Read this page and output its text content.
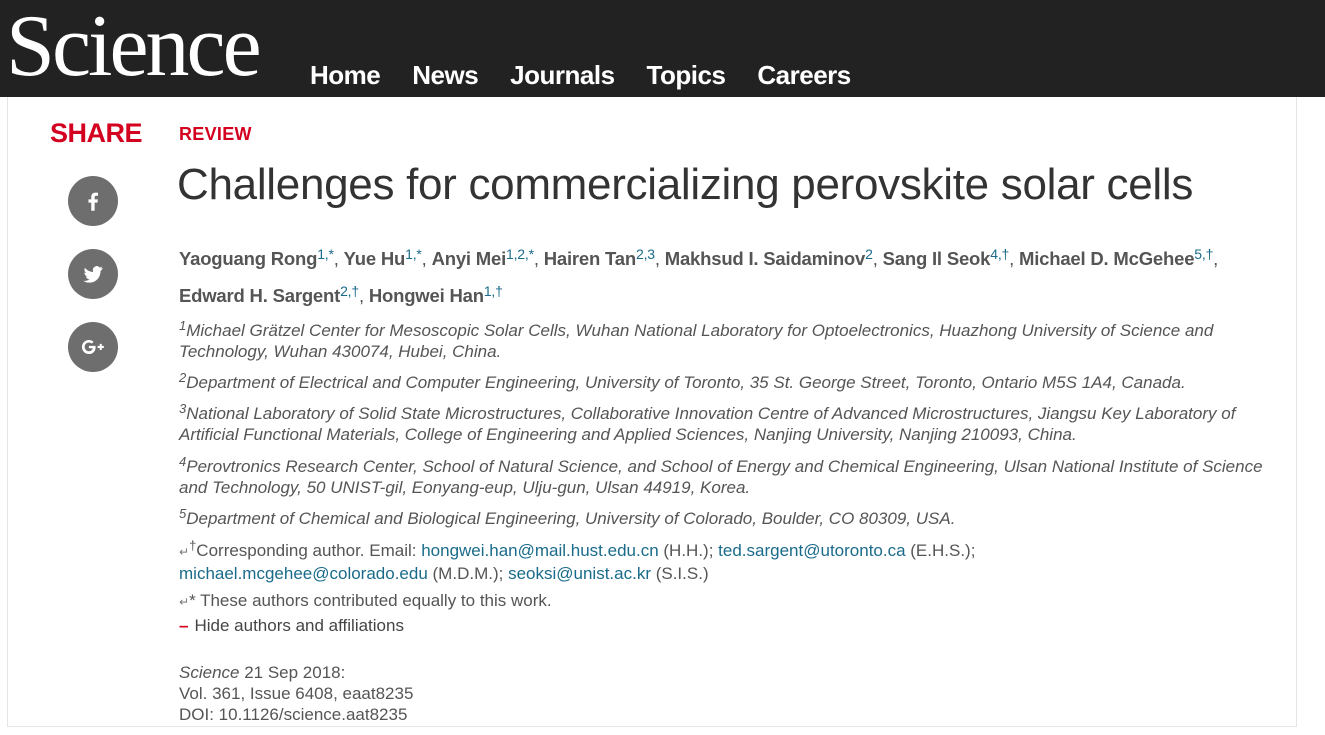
Science Home News Journals Topics Careers
SHARE REVIEW
Challenges for commercializing perovskite solar cells
Yaoguang Rong$^{1,*}$, Yue $Hu^{1,*}$, Anyi Mei$^{1,2,*}$, Hairen Tan$^{2,3}$, Makhsud I. Saidaminov$^2$, Sang Il Seok$^{4,\dagger}$, Michael D. McGehee$^{5,\dagger}$,
Edward H. Sargent$^{2,\dagger}$, Hongwei Han$^{1,\dagger}$
$^1$Michael Grätzel Center for Mesoscopic Solar Cells, Wuhan National Laboratory for Optoelectronics, Huazhong University of Science and Technology, Wuhan 430074, Hubei, China.
$^2$Department of Electrical and Computer Engineering, University of Toronto, 35 St. George Street, Toronto, Ontario M5S 1A4, Canada.
$^3$National Laboratory of Solid State Microstructures, Collaborative Innovation Centre of Advanced Microstructures, Jiangsu Key Laboratory of Artificial Functional Materials, College of Engineering and Applied Sciences, Nanjing University, Nanjing 210093, China.
$^4$Perovtronics Research Center, School of Natural Science, and School of Energy and Chemical Engineering, Ulsan National Institute of Science and Technology, 50 UNIST-gil, Eonyang-eup, Ulju-gun, Ulsan 44919, Korea.
$^5$Department of Chemical and Biological Engineering, University of Colorado, Boulder, CO 80309, USA.
↵†Corresponding author. Email: hongwei.han@mail.hust.edu.cn (H.H.); ted.sargent@utoronto.ca (E.H.S.);
michael.mcgehee@colorado.edu (M.D.M.); seoksi@unist.ac.kr (S.I.S.)
↵* These authors contributed equally to this work.
– Hide authors and affiliations
Science 21 Sep 2018:
Vol. 361, Issue 6408, eaat8235
DOI: 10.1126/science.aat8235
